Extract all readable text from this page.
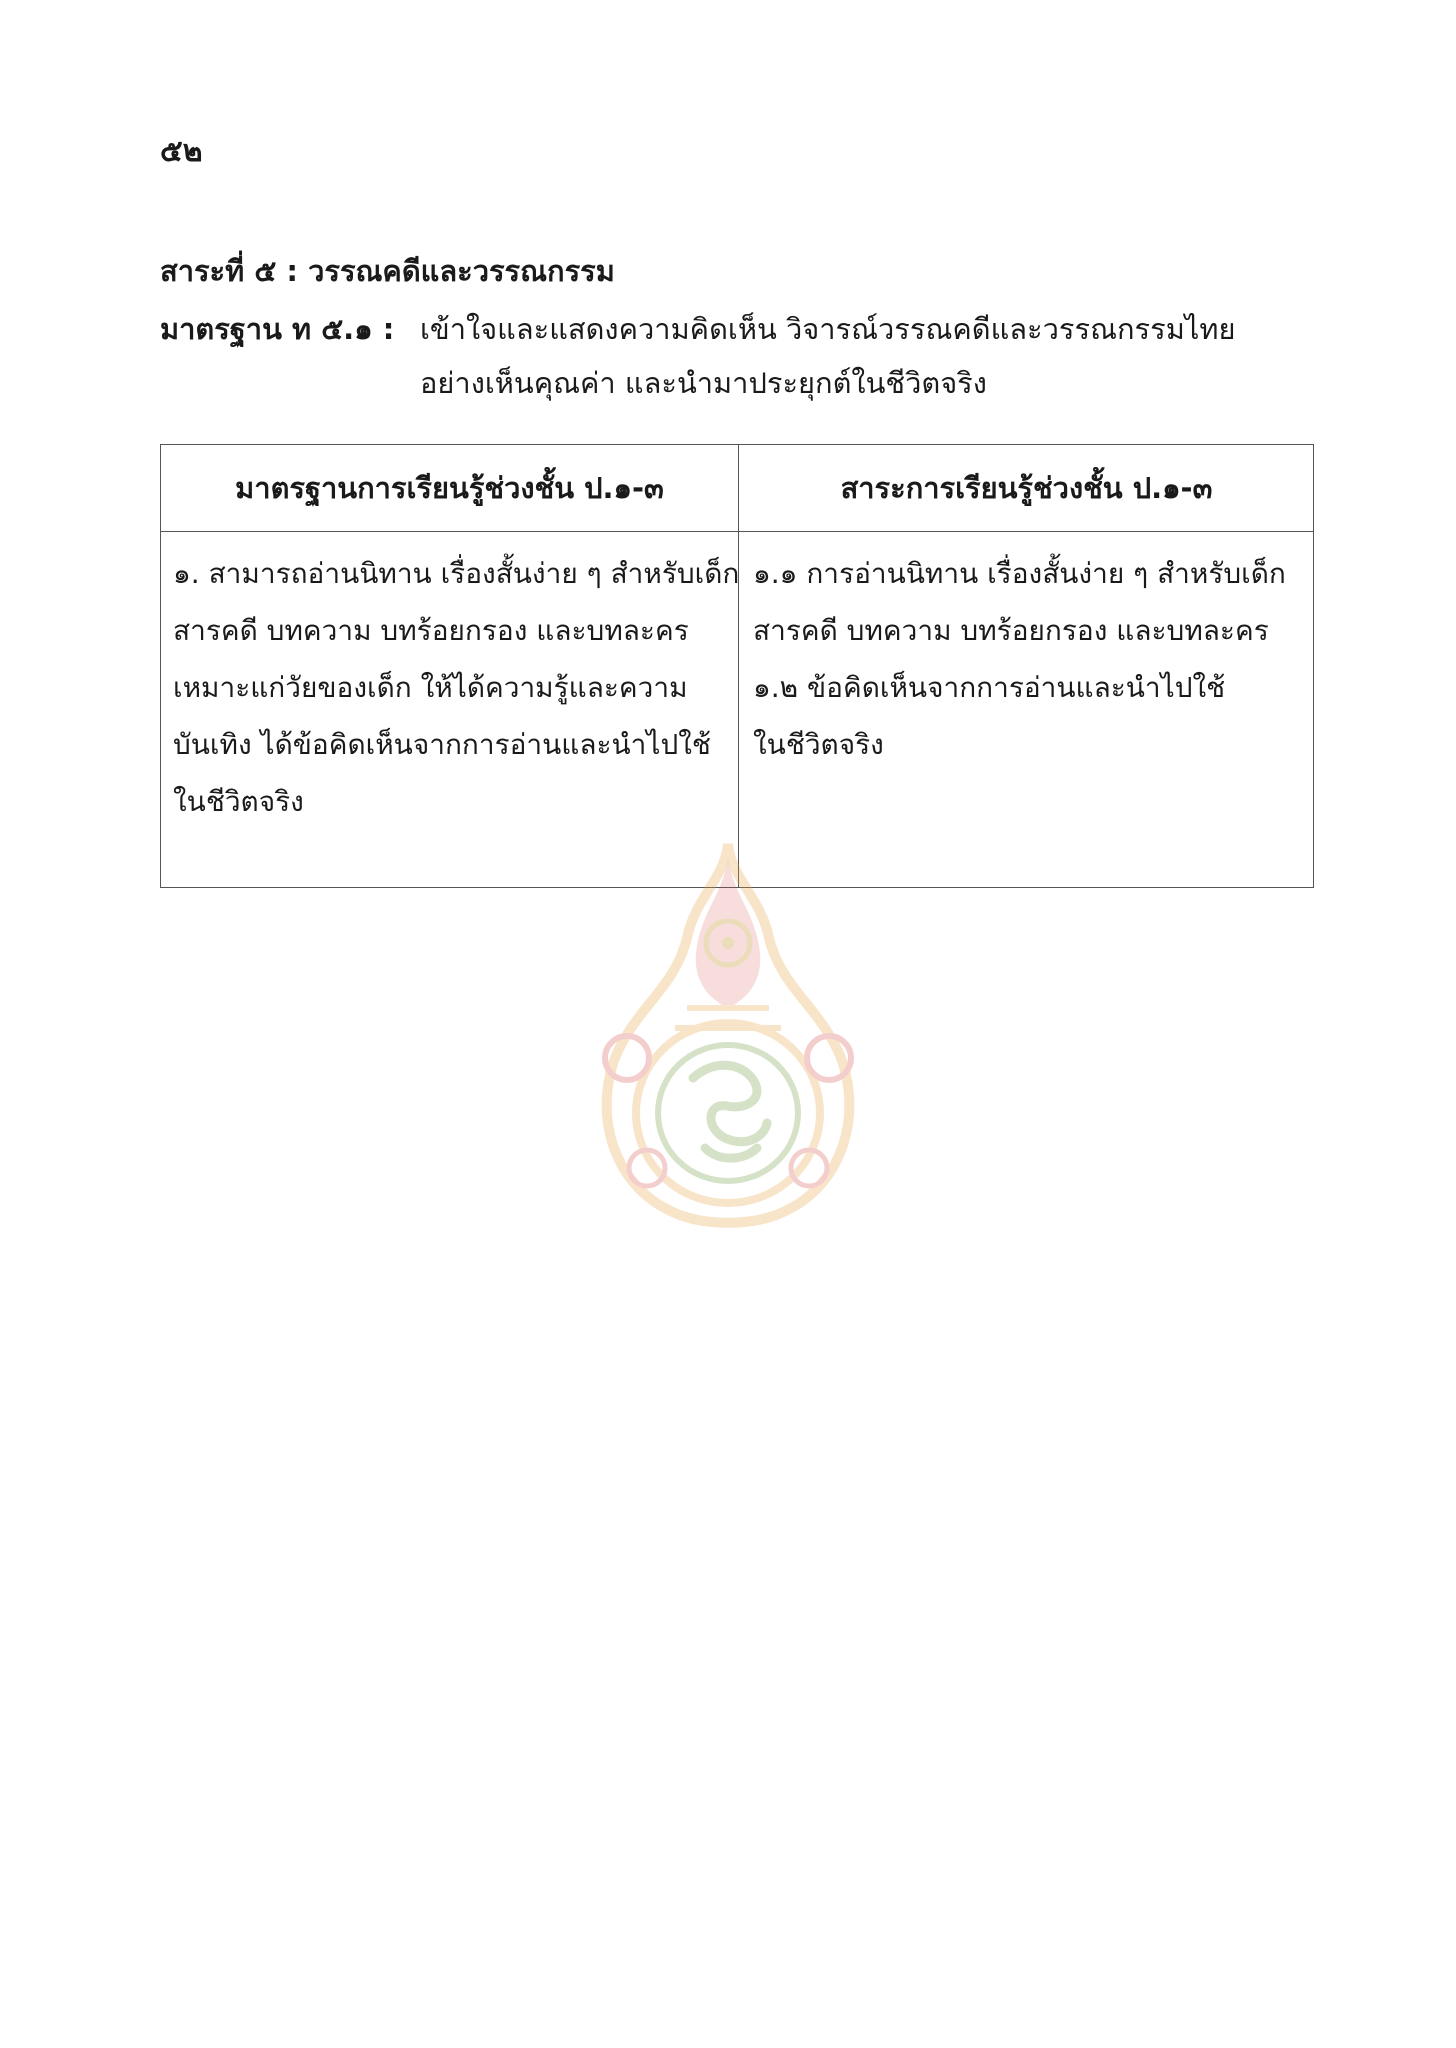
๕๒
สาระที่ ๕ : วรรณคดีและวรรณกรรม
มาตรฐาน ท ๕.๑ : เข้าใจและแสดงความคิดเห็น วิจารณ์วรรณคดีและวรรณกรรมไทย
อย่างเห็นคุณค่า และนำมาประยุกต์ในชีวิตจริง
มาตรฐานการเรียนรู้ช่วงชั้น ป.๑-๓	สาระการเรียนรู้ช่วงชั้น ป.๑-๓
๑. สามารถอ่านนิทาน เรื่องสั้นง่าย ๆ สำหรับเด็ก
สารคดี บทความ บทร้อยกรอง และบทละคร
เหมาะแก่วัยของเด็ก ให้ได้ความรู้และความ
บันเทิง ได้ข้อคิดเห็นจากการอ่านและนำไปใช้
ในชีวิตจริง
๑.๑ การอ่านนิทาน เรื่องสั้นง่าย ๆ สำหรับเด็ก
สารคดี บทความ บทร้อยกรอง และบทละคร
๑.๒ ข้อคิดเห็นจากการอ่านและนำไปใช้
ในชีวิตจริง
